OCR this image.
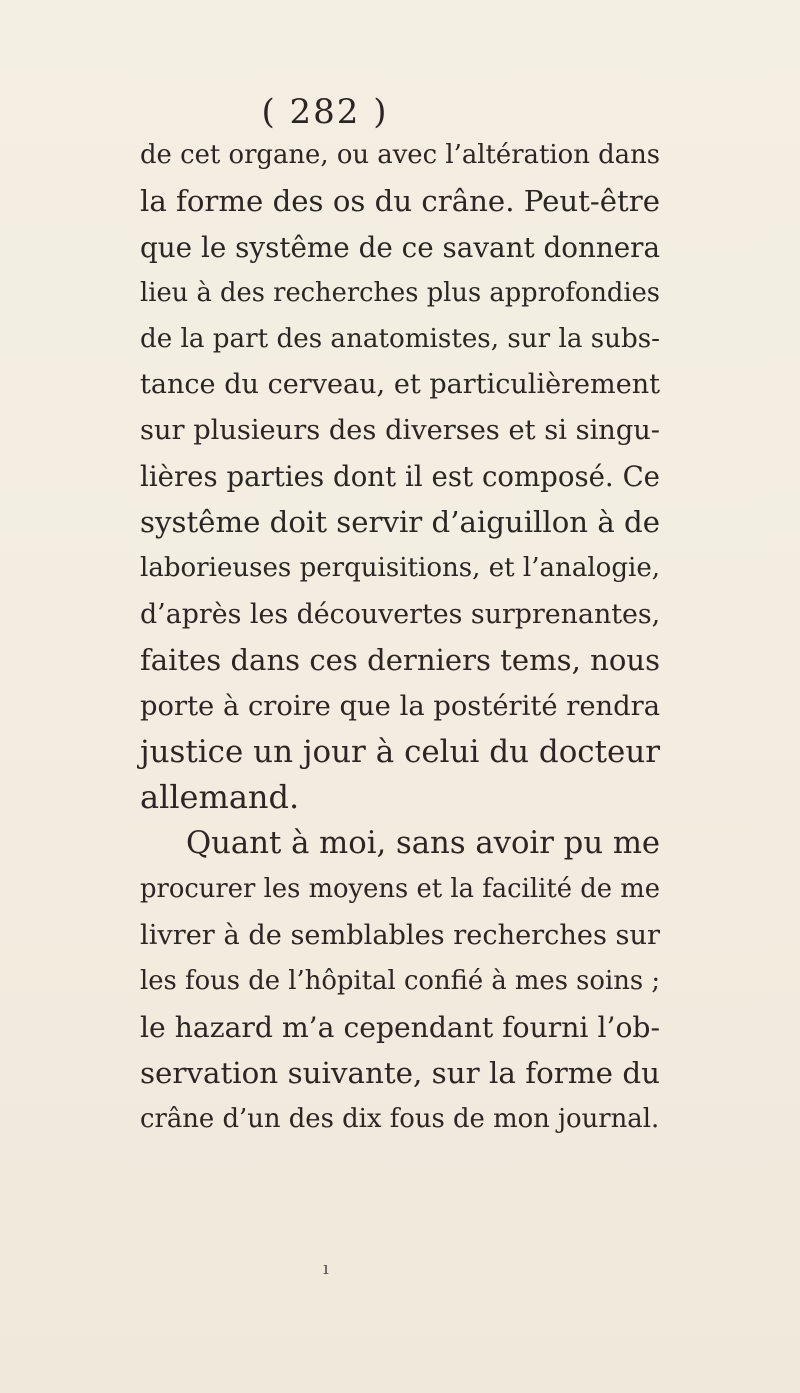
( 282 )
de cet organe, ou avec l’altération dans
la forme des os du crâne. Peut-être
que le systême de ce savant donnera
lieu à des recherches plus approfondies
de la part des anatomistes, sur la subs-
tance du cerveau, et particulièrement
sur plusieurs des diverses et si singu-
lières parties dont il est composé. Ce
systême doit servir d’aiguillon à de
laborieuses perquisitions, et l’analogie,
d’après les découvertes surprenantes,
faites dans ces derniers tems, nous
porte à croire que la postérité rendra
justice un jour à celui du docteur
allemand.
Quant à moi, sans avoir pu me
procurer les moyens et la facilité de me
livrer à de semblables recherches sur
les fous de l’hôpital confié à mes soins ;
le hazard m’a cependant fourni l’ob-
servation suivante, sur la forme du
crâne d’un des dix fous de mon journal.
ı
